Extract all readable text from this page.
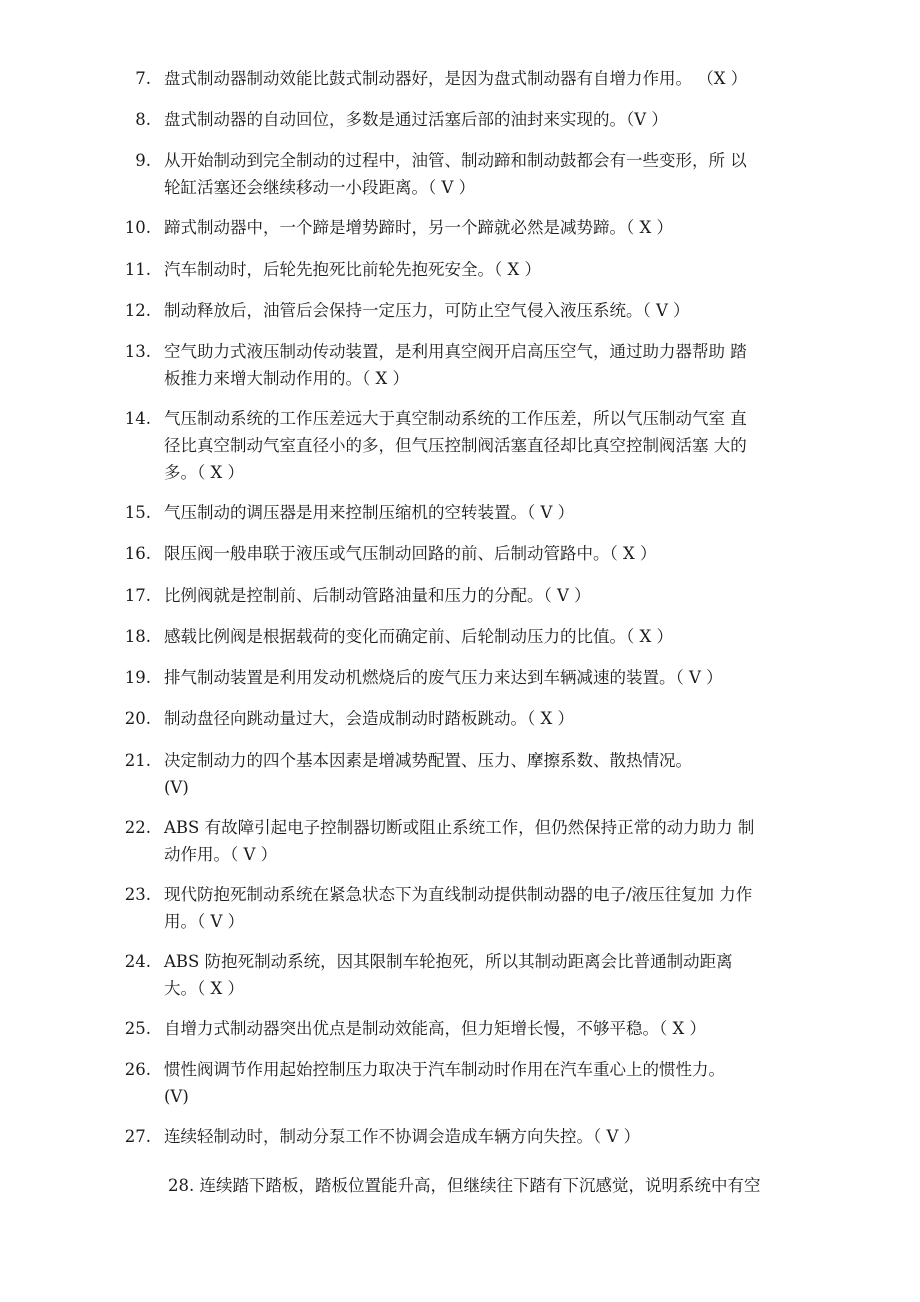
7. 盘式制动器制动效能比鼓式制动器好，是因为盘式制动器有自增力作用。 （X ）
8. 盘式制动器的自动回位，多数是通过活塞后部的油封来实现的。（V ）
9. 从开始制动到完全制动的过程中，油管、制动蹄和制动鼓都会有一些变形，所 以
轮缸活塞还会继续移动一小段距离。（ V ）
10. 蹄式制动器中，一个蹄是增势蹄时，另一个蹄就必然是减势蹄。（ X ）
11. 汽车制动时，后轮先抱死比前轮先抱死安全。（ X ）
12. 制动释放后，油管后会保持一定压力，可防止空气侵入液压系统。（ V ）
13. 空气助力式液压制动传动装置，是利用真空阀开启高压空气，通过助力器帮助 踏
板推力来增大制动作用的。（ X ）
14. 气压制动系统的工作压差远大于真空制动系统的工作压差，所以气压制动气室 直
径比真空制动气室直径小的多，但气压控制阀活塞直径却比真空控制阀活塞 大的
多。（ X ）
15. 气压制动的调压器是用来控制压缩机的空转装置。（ V ）
16. 限压阀一般串联于液压或气压制动回路的前、后制动管路中。（ X ）
17. 比例阀就是控制前、后制动管路油量和压力的分配。（ V ）
18. 感载比例阀是根据载荷的变化而确定前、后轮制动压力的比值。（ X ）
19. 排气制动装置是利用发动机燃烧后的废气压力来达到车辆减速的装置。（ V ）
20. 制动盘径向跳动量过大，会造成制动时踏板跳动。（ X ）
21. 决定制动力的四个基本因素是增减势配置、压力、摩擦系数、散热情况。
(V)
22. ABS 有故障引起电子控制器切断或阻止系统工作，但仍然保持正常的动力助力 制
动作用。（ V ）
23. 现代防抱死制动系统在紧急状态下为直线制动提供制动器的电子/液压往复加 力作
用。（ V ）
24. ABS 防抱死制动系统，因其限制车轮抱死，所以其制动距离会比普通制动距离
大。（ X ）
25. 自增力式制动器突出优点是制动效能高，但力矩增长慢，不够平稳。（ X ）
26. 惯性阀调节作用起始控制压力取决于汽车制动时作用在汽车重心上的惯性力。
(V)
27. 连续轻制动时，制动分泵工作不协调会造成车辆方向失控。（ V ）
28. 连续踏下踏板，踏板位置能升高，但继续往下踏有下沉感觉，说明系统中有空
